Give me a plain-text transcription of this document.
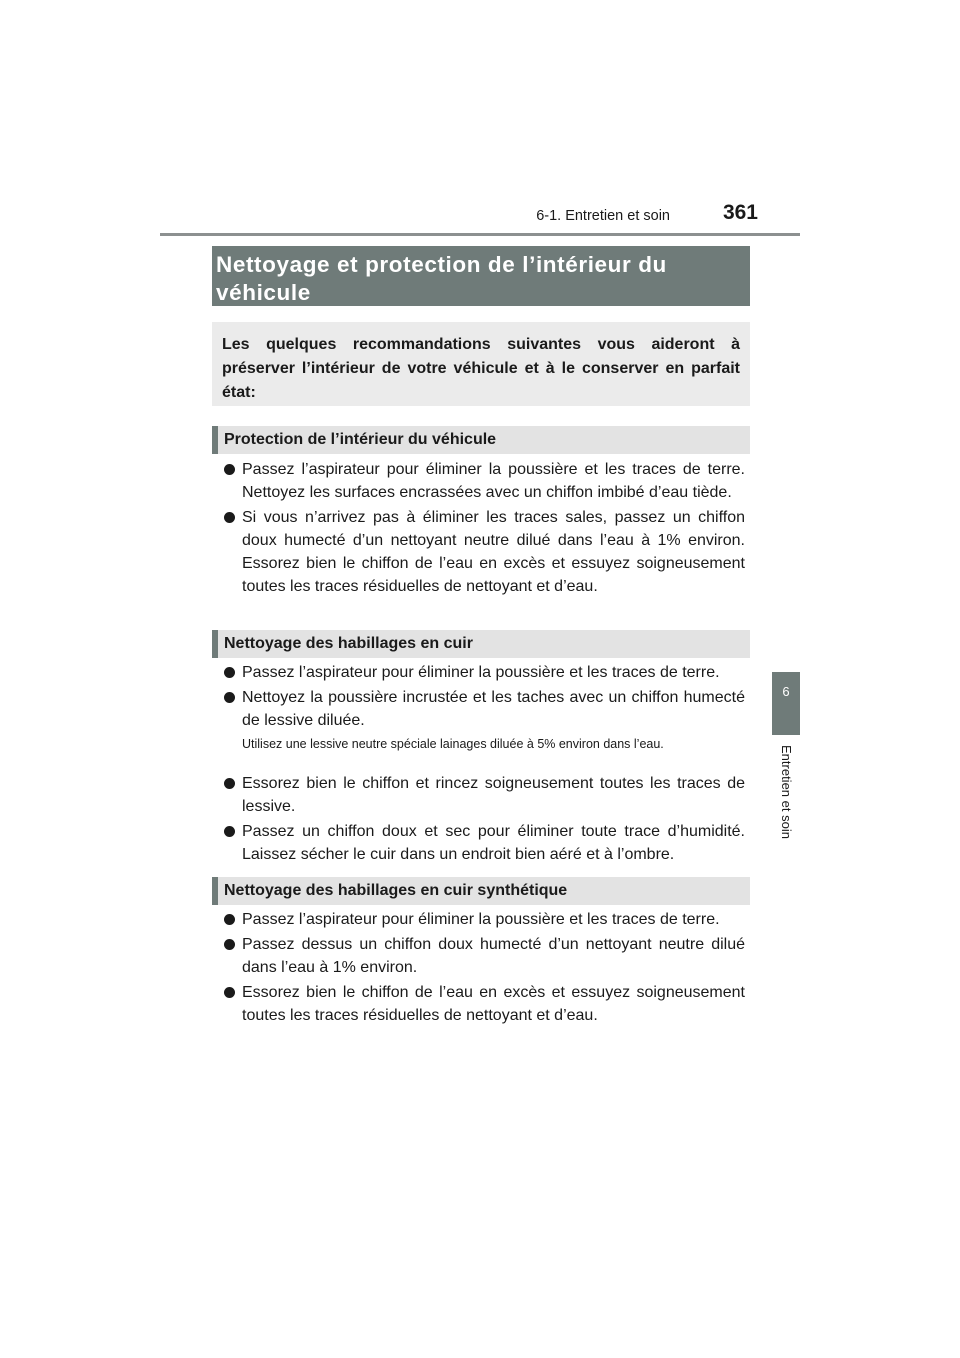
6-1. Entretien et soin	361
6
Entretien et soin
Nettoyage et protection de l’intérieur du véhicule
Les quelques recommandations suivantes vous aideront à préserver l’intérieur de votre véhicule et à le conserver en parfait état:
Protection de l’intérieur du véhicule
Passez l’aspirateur pour éliminer la poussière et les traces de terre. Nettoyez les surfaces encrassées avec un chiffon imbibé d’eau tiède.
Si vous n’arrivez pas à éliminer les traces sales, passez un chiffon doux humecté d’un nettoyant neutre dilué dans l’eau à 1% environ. Essorez bien le chiffon de l’eau en excès et essuyez soigneusement toutes les traces résiduelles de nettoyant et d’eau.
Nettoyage des habillages en cuir
Passez l’aspirateur pour éliminer la poussière et les traces de terre.
Nettoyez la poussière incrustée et les taches avec un chiffon humecté de lessive diluée.
Utilisez une lessive neutre spéciale lainages diluée à 5% environ dans l’eau.
Essorez bien le chiffon et rincez soigneusement toutes les traces de lessive.
Passez un chiffon doux et sec pour éliminer toute trace d’humidité. Laissez sécher le cuir dans un endroit bien aéré et à l’ombre.
Nettoyage des habillages en cuir synthétique
Passez l’aspirateur pour éliminer la poussière et les traces de terre.
Passez dessus un chiffon doux humecté d’un nettoyant neutre dilué dans l’eau à 1% environ.
Essorez bien le chiffon de l’eau en excès et essuyez soigneusement toutes les traces résiduelles de nettoyant et d’eau.
